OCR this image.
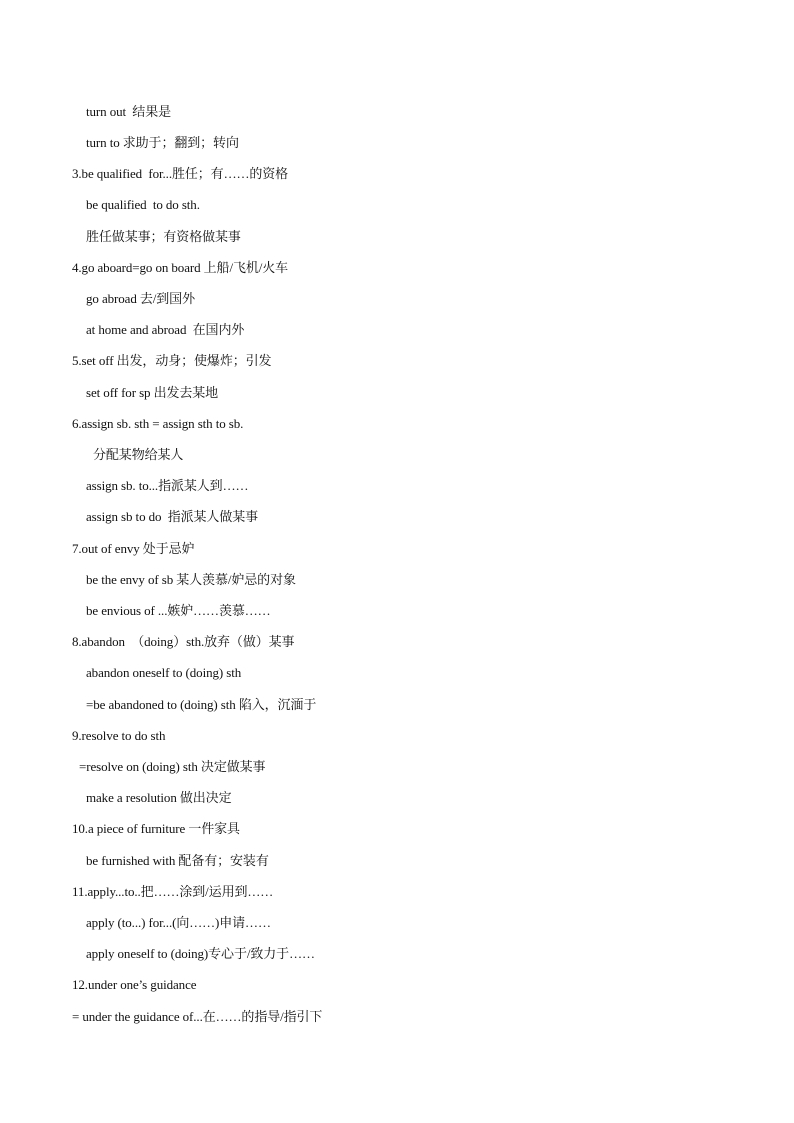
turn out  结果是
turn to 求助于；翻到；转向
3.be qualified  for...胜任；有……的资格
be qualified  to do sth.
胜任做某事；有资格做某事
4.go aboard=go on board 上船/飞机/火车
go abroad 去/到国外
at home and abroad  在国内外
5.set off 出发，动身；使爆炸；引发
set off for sp 出发去某地
6.assign sb. sth = assign sth to sb.
分配某物给某人
assign sb. to...指派某人到……
assign sb to do  指派某人做某事
7.out of envy 处于忌妒
be the envy of sb 某人羡慕/妒忌的对象
be envious of ...嫉妒……羡慕……
8.abandon  （doing）sth.放弃（做）某事
abandon oneself to (doing) sth
=be abandoned to (doing) sth 陷入，沉湎于
9.resolve to do sth
=resolve on (doing) sth 决定做某事
make a resolution 做出决定
10.a piece of furniture 一件家具
be furnished with 配备有；安装有
11.apply...to..把……涂到/运用到……
apply (to...) for...(向……)申请……
apply oneself to (doing)专心于/致力于……
12.under one’s guidance
= under the guidance of...在……的指导/指引下
